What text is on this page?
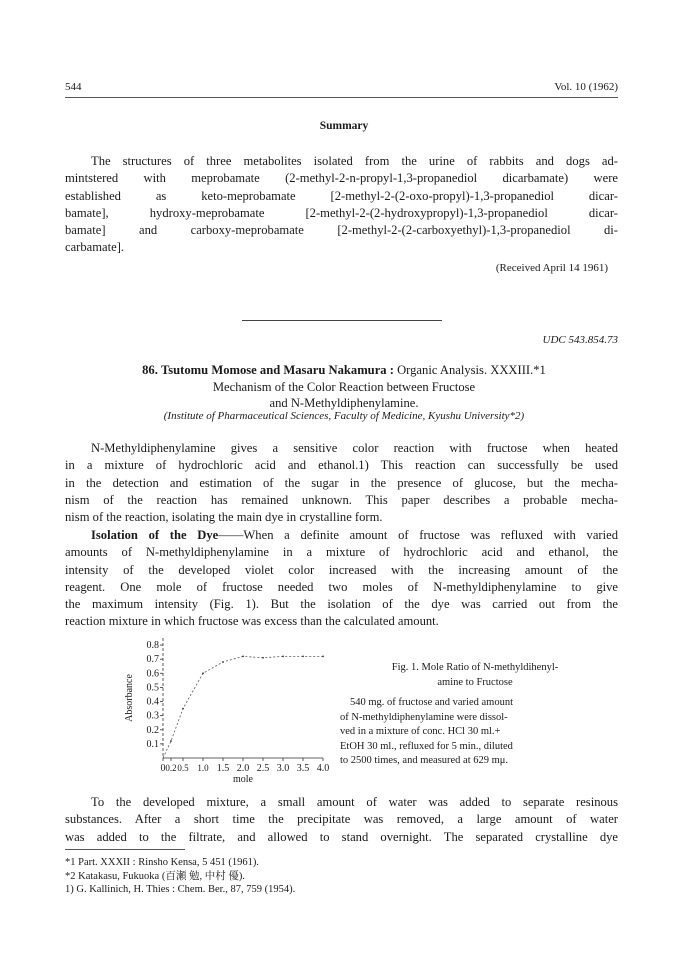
544	Vol. 10 (1962)
Summary
The structures of three metabolites isolated from the urine of rabbits and dogs ad-
mintstered with meprobamate (2-methyl-2-n-propyl-1,3-propanediol dicarbamate) were
established as keto-meprobamate [2-methyl-2-(2-oxo-propyl)-1,3-propanediol dicar-
bamate], hydroxy-meprobamate [2-methyl-2-(2-hydroxypropyl)-1,3-propanediol dicar-
bamate] and carboxy-meprobamate [2-methyl-2-(2-carboxyethyl)-1,3-propanediol di-
carbamate].
(Received April 14 1961)
UDC 543.854.73
86. Tsutomu Momose and Masaru Nakamura : Organic Analysis. XXXIII.*1
Mechanism of the Color Reaction between Fructose
and N-Methyldiphenylamine.
(Institute of Pharmaceutical Sciences, Faculty of Medicine, Kyushu University*2)
N-Methyldiphenylamine gives a sensitive color reaction with fructose when heated
in a mixture of hydrochloric acid and ethanol.1) This reaction can successfully be used
in the detection and estimation of the sugar in the presence of glucose, but the mecha-
nism of the reaction has remained unknown. This paper describes a probable mecha-
nism of the reaction, isolating the main dye in crystalline form.
Isolation of the Dye——When a definite amount of fructose was refluxed with varied
amounts of N-methyldiphenylamine in a mixture of hydrochloric acid and ethanol, the
intensity of the developed violet color increased with the increasing amount of the
reagent. One mole of fructose needed two moles of N-methyldiphenylamine to give
the maximum intensity (Fig. 1). But the isolation of the dye was carried out from the
reaction mixture in which fructose was excess than the calculated amount.
0.1
0.2
0.3
0.4
0.5
0.6
0.7
0.8
0 0.2 0.5 1.0 1.5 2.0 2.5 3.0 3.5 4.0
mole
Absorbance
Fig. 1. Mole Ratio of N-methyldihenyl-
amine to Fructose
540 mg. of fructose and varied amount
of N-methyldiphenylamine were dissol-
ved in a mixture of conc. HCl 30 ml.+
EtOH 30 ml., refluxed for 5 min., diluted
to 2500 times, and measured at 629 mμ.
To the developed mixture, a small amount of water was added to separate resinous
substances. After a short time the precipitate was removed, a large amount of water
was added to the filtrate, and allowed to stand overnight. The separated crystalline dye
*1 Part. XXXII : Rinsho Kensa, 5 451 (1961).
*2 Katakasu, Fukuoka (百瀬 勉, 中村 優).
1) G. Kallinich, H. Thies : Chem. Ber., 87, 759 (1954).
